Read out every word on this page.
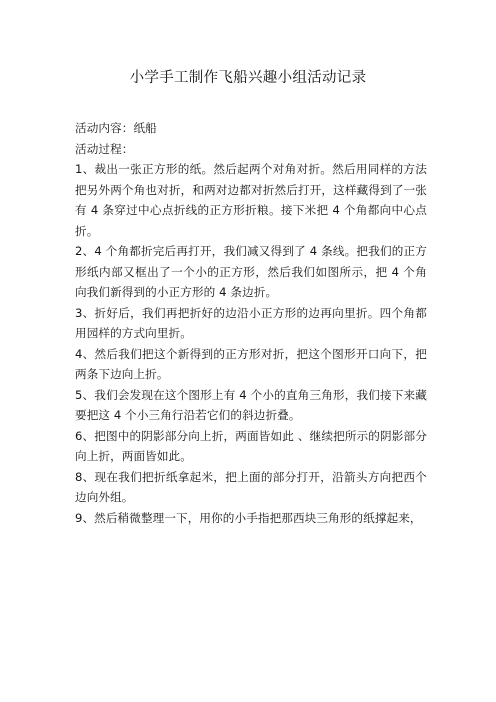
小学手工制作飞船兴趣小组活动记录
活动内容：纸船
活动过程：
1、裁出一张正方形的纸。然后起两个对角对折。然后用同样的方法把另外两个角也对折，和两对边都对折然后打开，这样藏得到了一张有 4 条穿过中心点折线的正方形折粮。接下米把 4 个角都向中心点折。
2、4 个角都折完后再打开，我们减又得到了 4 条线。把我们的正方形纸内部又框出了一个小的正方形，然后我们如图所示，把 4 个角向我们新得到的小正方形的 4 条边折。
3、折好后，我们再把折好的边沿小正方形的边再向里折。四个角都用园样的方式向里折。
4、然后我们把这个新得到的正方形对折，把这个图形开口向下，把两条下边向上折。
5、我们会发现在这个图形上有 4 个小的直角三角形，我们接下来藏要把这 4 个小三角行沿若它们的斜边折叠。
6、把图中的阴影部分向上折，两面皆如此 、继续把所示的阴影部分向上折，两面皆如此。
8、现在我们把折纸拿起米，把上面的部分打开，沿箭头方向把西个边向外组。
9、然后稍微整理一下，用你的小手指把那西块三角形的纸撑起来，
